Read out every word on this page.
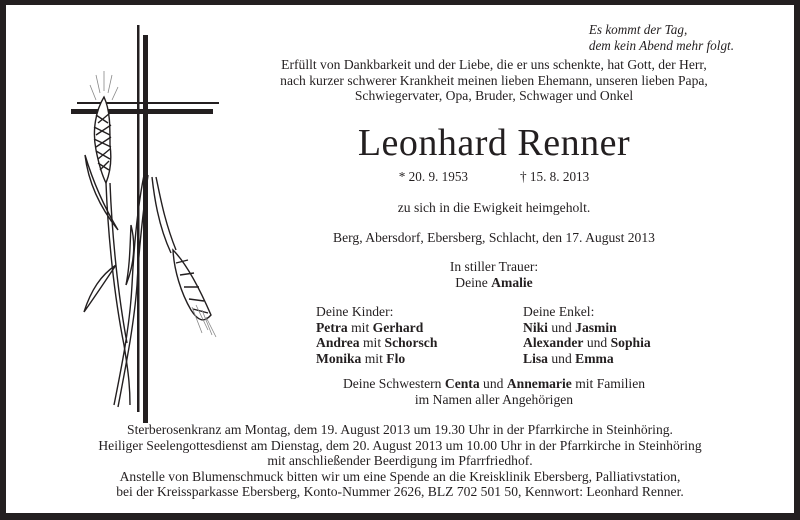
Es kommt der Tag,
dem kein Abend mehr folgt.
Erfüllt von Dankbarkeit und der Liebe, die er uns schenkte, hat Gott, der Herr,
nach kurzer schwerer Krankheit meinen lieben Ehemann, unseren lieben Papa,
Schwiegervater, Opa, Bruder, Schwager und Onkel
Leonhard Renner
* 20. 9. 1953	† 15. 8. 2013
zu sich in die Ewigkeit heimgeholt.
Berg, Abersdorf, Ebersberg, Schlacht, den 17. August 2013
In stiller Trauer:
Deine Amalie
Deine Kinder:
Petra mit Gerhard
Andrea mit Schorsch
Monika mit Flo
Deine Enkel:
Niki und Jasmin
Alexander und Sophia
Lisa und Emma
Deine Schwestern Centa und Annemarie mit Familien
im Namen aller Angehörigen
Sterberosenkranz am Montag, dem 19. August 2013 um 19.30 Uhr in der Pfarrkirche in Steinhöring.
Heiliger Seelengottesdienst am Dienstag, dem 20. August 2013 um 10.00 Uhr in der Pfarrkirche in Steinhöring
mit anschließender Beerdigung im Pfarrfriedhof.
Anstelle von Blumenschmuck bitten wir um eine Spende an die Kreisklinik Ebersberg, Palliativstation,
bei der Kreissparkasse Ebersberg, Konto-Nummer 2626, BLZ 702 501 50, Kennwort: Leonhard Renner.
